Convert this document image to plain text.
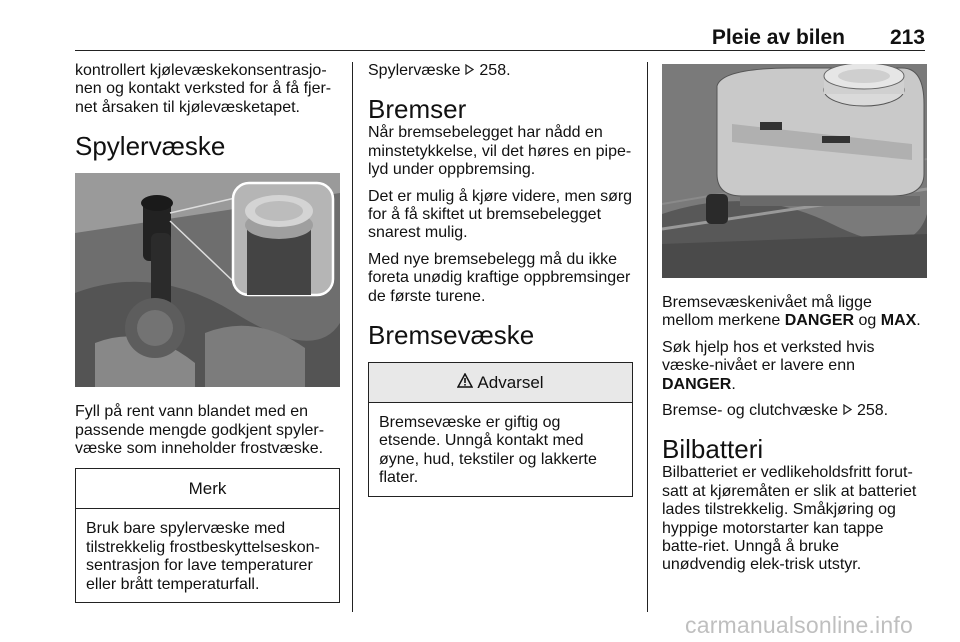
Pleie av bilen 213

kontrollert kjølevæskekonsentrasjo-nen og kontakt verksted for å få fjer-net årsaken til kjølevæsketapet.

Spylervæske

Fyll på rent vann blandet med en passende mengde godkjent spyler-væske som inneholder frostvæske.

Merk

Bruk bare spylervæske med tilstrekkelig frostbeskyttelseskon-sentrasjon for lave temperaturer eller brått temperaturfall.

Spylervæske 258.

Bremser

Når bremsebelegget har nådd en minstetykkelse, vil det høres en pipe-lyd under oppbremsing.

Det er mulig å kjøre videre, men sørg for å få skiftet ut bremsebelegget snarest mulig.

Med nye bremsebelegg må du ikke foreta unødig kraftige oppbremsinger de første turene.

Bremsevæske
Advarsel

Bremsevæske er giftig og etsende. Unngå kontakt med øyne, hud, tekstiler og lakkerte flater.

Bremsevæskenivået må ligge mellom merkene DANGER og MAX.

Søk hjelp hos et verksted hvis væske-nivået er lavere enn DANGER.

Bremse- og clutchvæske 258.

Bilbatteri

Bilbatteriet er vedlikeholdsfritt forut-satt at kjøremåten er slik at batteriet lades tilstrekkelig. Småkjøring og hyppige motorstarter kan tappe batte-riet. Unngå å bruke unødvendig elek-trisk utstyr.

carmanualsonline.info
